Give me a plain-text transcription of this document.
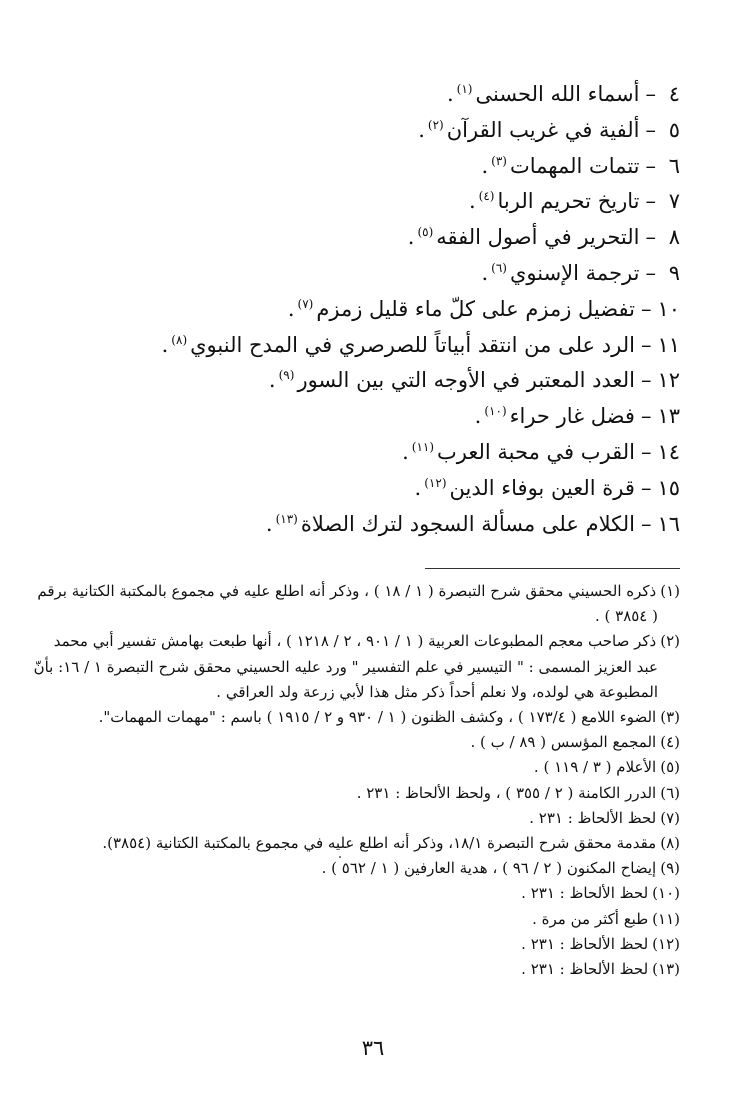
٤–أسماء الله الحسنى$^{(١)}$.
٥–ألفية في غريب القرآن$^{(٢)}$.
٦–تتمات المهمات$^{(٣)}$.
٧–تاريخ تحريم الربا$^{(٤)}$.
٨–التحرير في أصول الفقه$^{(٥)}$.
٩–ترجمة الإسنوي$^{(٦)}$.
١٠–تفضيل زمزم على كلّ ماء قليل زمزم$^{(٧)}$.
١١–الرد على من انتقد أبياتاً للصرصري في المدح النبوي$^{(٨)}$.
١٢–العدد المعتبر في الأوجه التي بين السور$^{(٩)}$.
١٣–فضل غار حراء$^{(١٠)}$.
١٤–القرب في محبة العرب$^{(١١)}$.
١٥–قرة العين بوفاء الدين$^{(١٢)}$.
١٦–الكلام على مسألة السجود لترك الصلاة$^{(١٣)}$.
(١)ذكره الحسيني محقق شرح التبصرة ( ١ / ١٨ ) ، وذكر أنه اطلع عليه في مجموع بالمكتبة الكتانية برقم
( ٣٨٥٤ ) .
(٢)ذكر صاحب معجم المطبوعات العربية ( ١ / ٩٠١ ، ٢ / ١٢١٨ ) ، أنها طبعت بهامش تفسير أبي محمد
عبد العزيز المسمى : " التيسير في علم التفسير " ورد عليه الحسيني محقق شرح التبصرة ١ / ١٦: بأنّ
المطبوعة هي لولده، ولا نعلم أحداً ذكر مثل هذا لأبي زرعة ولد العراقي .
(٣)الضوء اللامع ( ١٧٣/٤ ) ، وكشف الظنون ( ١ / ٩٣٠ و ٢ / ١٩١٥ ) باسم : "مهمات المهمات".
(٤)المجمع المؤسس ( ٨٩ / ب ) .
(٥)الأعلام ( ٣ / ١١٩ ) .
(٦)الدرر الكامنة ( ٢ / ٣٥٥ ) ، ولحظ الألحاظ : ٢٣١ .
(٧)لحظ الألحاظ : ٢٣١ .
(٨)مقدمة محقق شرح التبصرة ١٨/١، وذكر أنه اطلع عليه في مجموع بالمكتبة الكتانية (٣٨٥٤).
(٩)إيضاح المكنون ( ٢ / ٩٦ ) ، هدية العارفين ( ١ / ٥٦٢ ) .
(١٠)لحظ الألحاظ : ٢٣١ .
(١١)طبع أكثر من مرة .
(١٢)لحظ الألحاظ : ٢٣١ .
(١٣)لحظ الألحاظ : ٢٣١ .
٣٦
